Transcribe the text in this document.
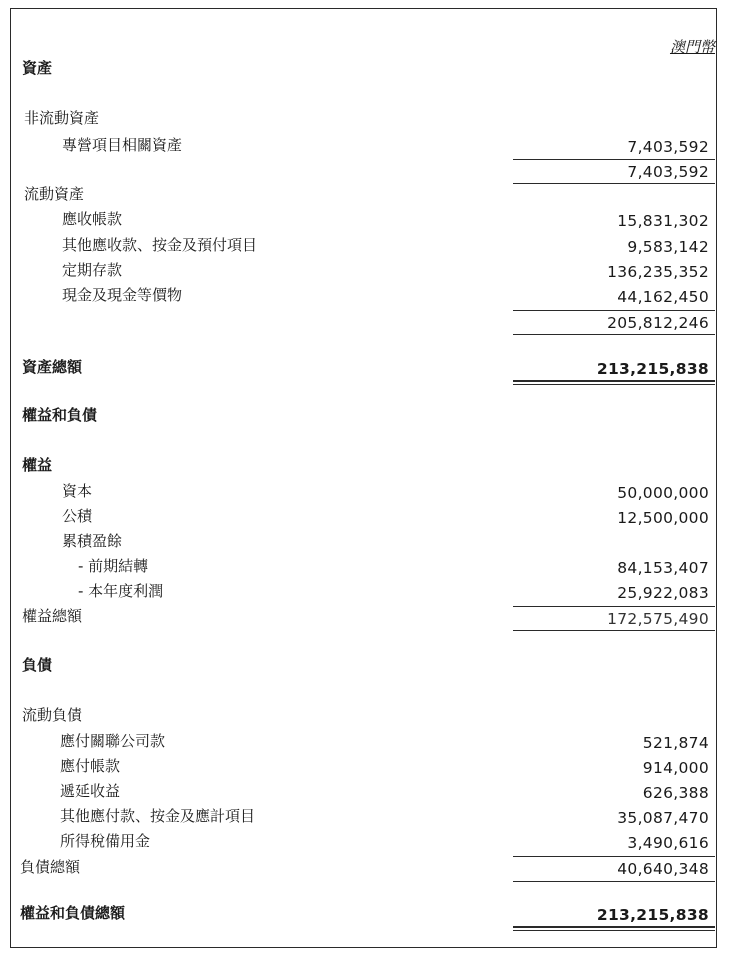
澳門幣
資產
非流動資產
專營項目相關資產	7,403,592
7,403,592
流動資產
應收帳款	15,831,302
其他應收款、按金及預付項目	9,583,142
定期存款	136,235,352
現金及現金等價物	44,162,450
205,812,246
資產總額	213,215,838
權益和負債
權益
資本	50,000,000
公積	12,500,000
累積盈餘
- 前期結轉	84,153,407
- 本年度利潤	25,922,083
權益總額	172,575,490
負債
流動負債
應付關聯公司款	521,874
應付帳款	914,000
遞延收益	626,388
其他應付款、按金及應計項目	35,087,470
所得稅備用金	3,490,616
負債總額	40,640,348
權益和負債總額	213,215,838
